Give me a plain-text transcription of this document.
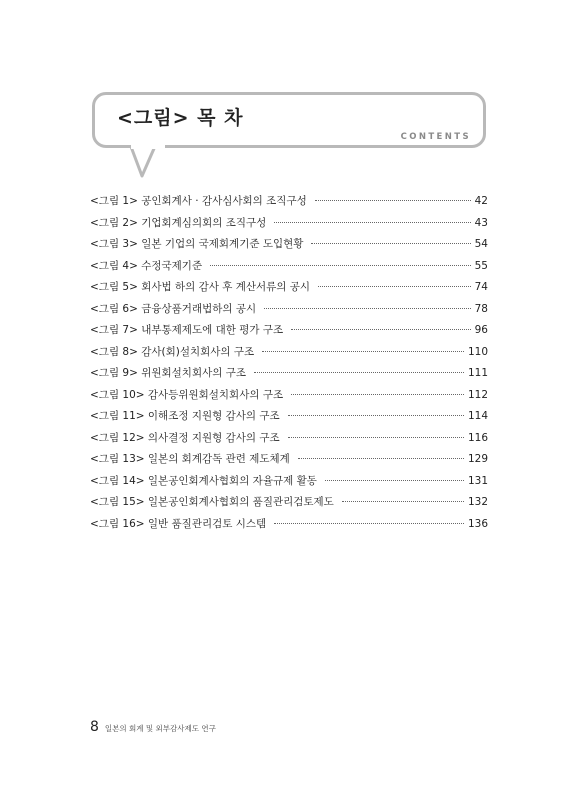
<그림> 목 차
CONTENTS
<그림 1> 공인회계사 · 감사심사회의 조직구성	42
<그림 2> 기업회계심의회의 조직구성	43
<그림 3> 일본 기업의 국제회계기준 도입현황	54
<그림 4> 수정국제기준	55
<그림 5> 회사법 하의 감사 후 계산서류의 공시	74
<그림 6> 금융상품거래법하의 공시	78
<그림 7> 내부통제제도에 대한 평가 구조	96
<그림 8> 감사(회)설치회사의 구조	110
<그림 9> 위원회설치회사의 구조	111
<그림 10> 감사등위원회설치회사의 구조	112
<그림 11> 이해조정 지원형 감사의 구조	114
<그림 12> 의사결정 지원형 감사의 구조	116
<그림 13> 일본의 회계감독 관련 제도체계	129
<그림 14> 일본공인회계사협회의 자율규제 활동	131
<그림 15> 일본공인회계사협회의 품질관리검토제도	132
<그림 16> 일반 품질관리검토 시스템	136
8 일본의 회계 및 외부감사제도 연구
